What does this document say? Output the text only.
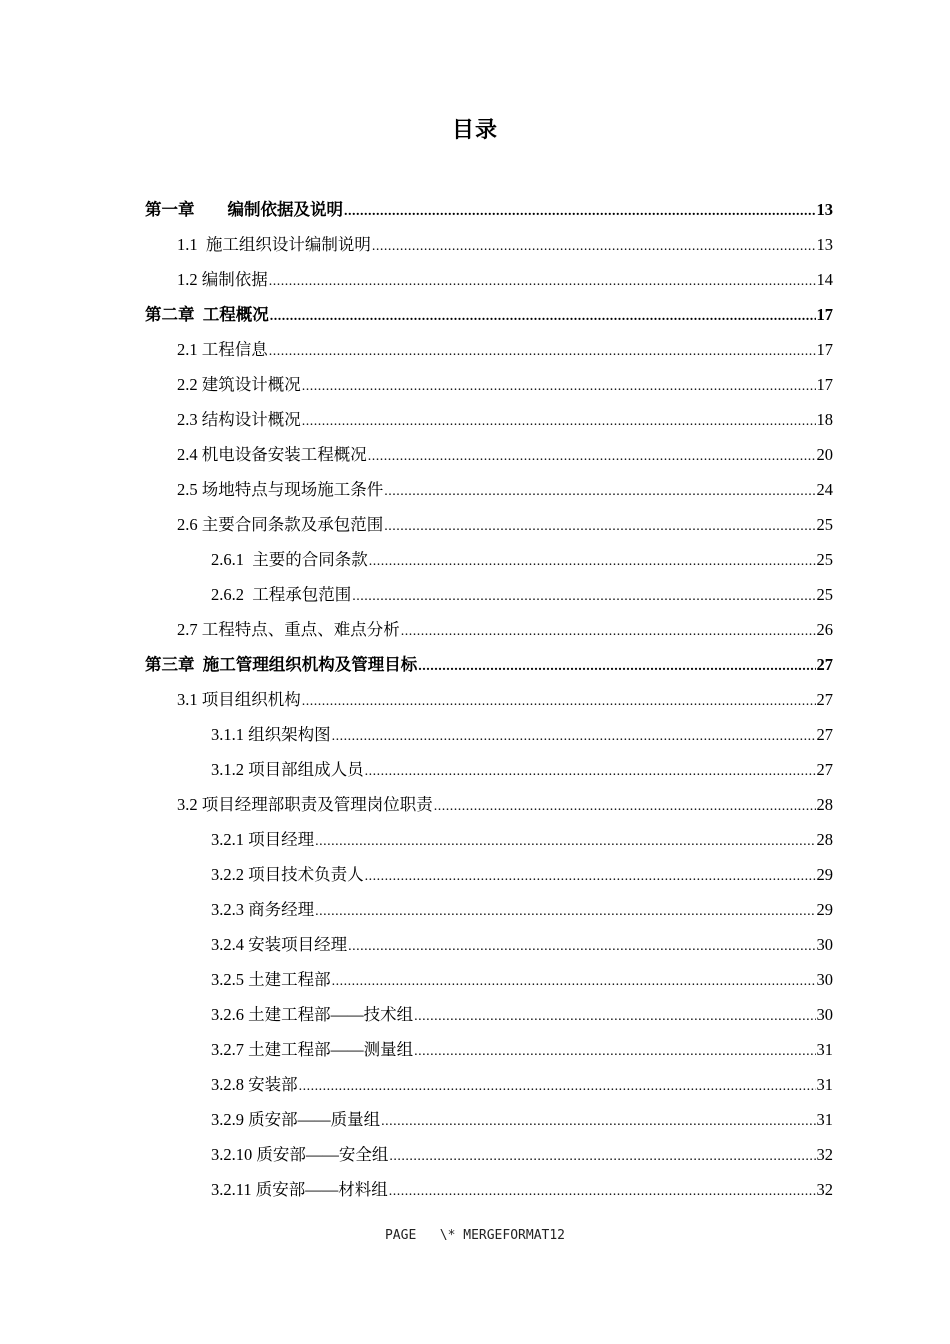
目录
第一章　　编制依据及说明 .....	13
1.1  施工组织设计编制说明 .....	13
1.2 编制依据 .....	14
第二章  工程概况 .....	17
2.1 工程信息 .....	17
2.2 建筑设计概况 .....	17
2.3 结构设计概况 .....	18
2.4 机电设备安装工程概况 .....	20
2.5 场地特点与现场施工条件 .....	24
2.6 主要合同条款及承包范围 .....	25
2.6.1  主要的合同条款 .....	25
2.6.2  工程承包范围 .....	25
2.7 工程特点、重点、难点分析 .....	26
第三章  施工管理组织机构及管理目标 .....	27
3.1 项目组织机构 .....	27
3.1.1 组织架构图 .....	27
3.1.2 项目部组成人员 .....	27
3.2 项目经理部职责及管理岗位职责 .....	28
3.2.1 项目经理 .....	28
3.2.2 项目技术负责人 .....	29
3.2.3 商务经理 .....	29
3.2.4 安装项目经理 .....	30
3.2.5 土建工程部 .....	30
3.2.6 土建工程部——技术组 .....	30
3.2.7 土建工程部——测量组 .....	31
3.2.8 安装部 .....	31
3.2.9 质安部——质量组 .....	31
3.2.10 质安部——安全组 .....	32
3.2.11 质安部——材料组 .....	32
PAGE   \* MERGEFORMAT12
